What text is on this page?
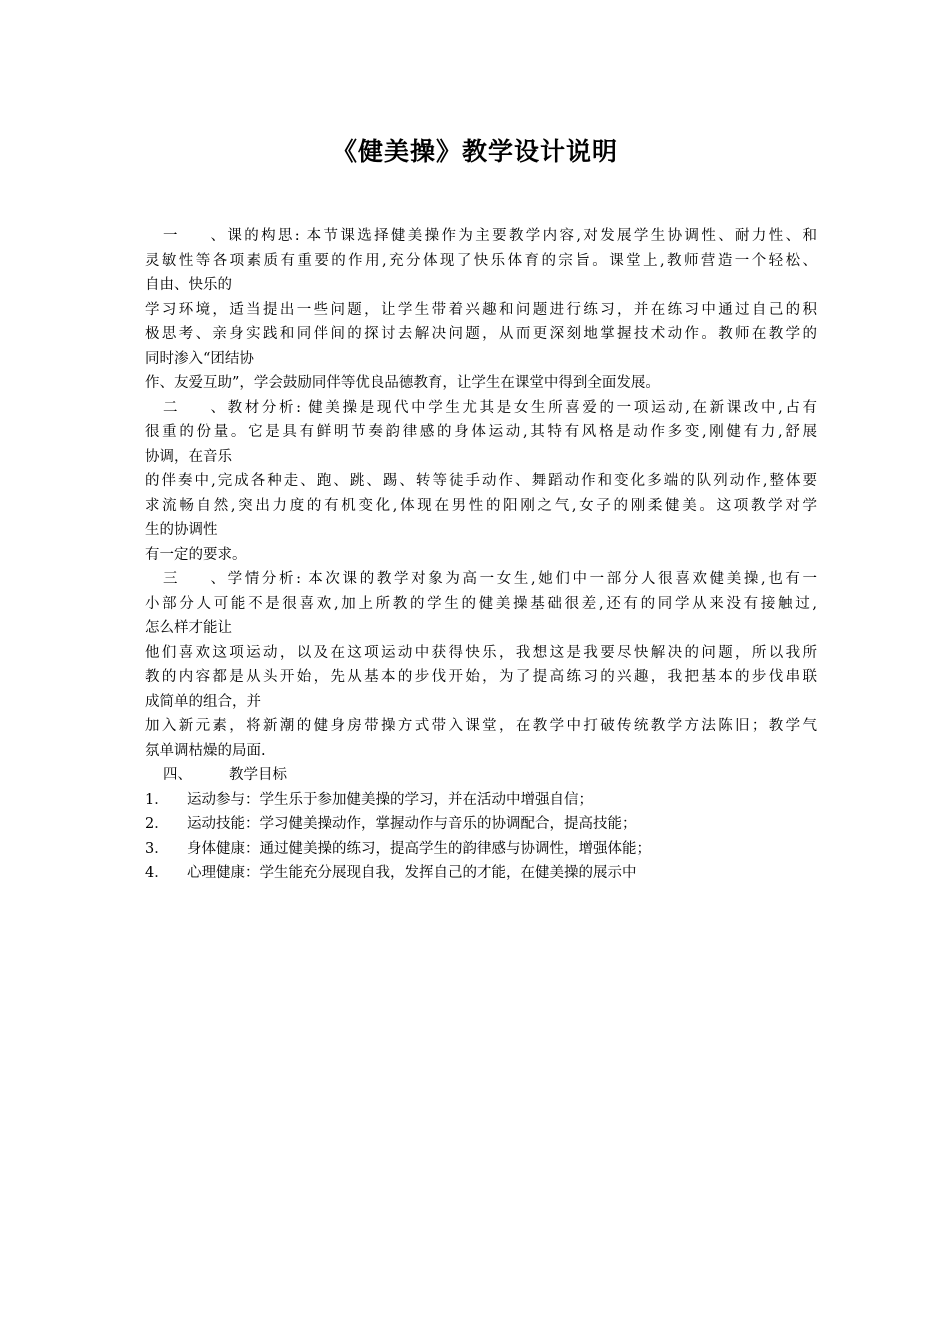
《健美操》教学设计说明
一、课的构思: 本节课选择健美操作为主要教学内容,对发展学生协调性、耐力性、和
灵敏性等各项素质有重要的作用,充分体现了快乐体育的宗旨。课堂上,教师营造一个轻松、
自由、快乐的
学习环境，适当提出一些问题，让学生带着兴趣和问题进行练习，并在练习中通过自己的积
极思考、亲身实践和同伴间的探讨去解决问题，从而更深刻地掌握技术动作。教师在教学的
同时渗入“团结协
作、友爱互助”，学会鼓励同伴等优良品德教育，让学生在课堂中得到全面发展。
二、教材分析: 健美操是现代中学生尤其是女生所喜爱的一项运动,在新课改中,占有
很重的份量。它是具有鲜明节奏韵律感的身体运动,其特有风格是动作多变,刚健有力,舒展
协调，在音乐
的伴奏中,完成各种走、跑、跳、踢、转等徒手动作、舞蹈动作和变化多端的队列动作,整体要
求流畅自然,突出力度的有机变化,体现在男性的阳刚之气,女子的刚柔健美。这项教学对学
生的协调性
有一定的要求。
三、学情分析: 本次课的教学对象为高一女生,她们中一部分人很喜欢健美操,也有一
小部分人可能不是很喜欢,加上所教的学生的健美操基础很差,还有的同学从来没有接触过,
怎么样才能让
他们喜欢这项运动，以及在这项运动中获得快乐，我想这是我要尽快解决的问题，所以我所
教的内容都是从头开始，先从基本的步伐开始，为了提高练习的兴趣，我把基本的步伐串联
成简单的组合，并
加入新元素，将新潮的健身房带操方式带入课堂，在教学中打破传统教学方法陈旧；教学气
氛单调枯燥的局面.
四、	教学目标
1． 运动参与：学生乐于参加健美操的学习，并在活动中增强自信；
2． 运动技能：学习健美操动作，掌握动作与音乐的协调配合，提高技能；
3． 身体健康：通过健美操的练习，提高学生的韵律感与协调性，增强体能；
4． 心理健康：学生能充分展现自我，发挥自己的才能，在健美操的展示中
